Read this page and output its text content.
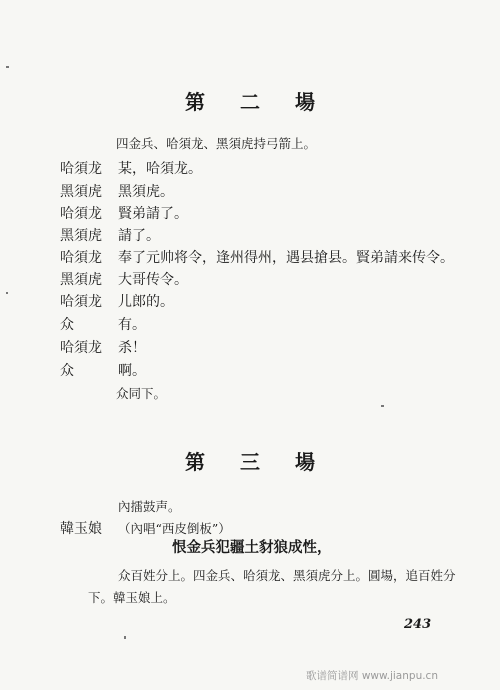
第 二 場
四金兵、哈須龙、黑須虎持弓箭上。
哈須龙	某，哈須龙。
黑須虎	黑須虎。
哈須龙	賢弟請了。
黑須虎	請了。
哈須龙	奉了元帅将令，逢州得州，遇县搶县。賢弟請来传令。
黑須虎	大哥传令。
哈須龙	儿郎的。
众	有。
哈須龙	杀！
众	啊。
众同下。
第 三 場
內擂鼓声。
韓玉娘	（內唱“西皮倒板”）
恨金兵犯疆土豺狼成性，
众百姓分上。四金兵、哈須龙、黑須虎分上。圓場，追百姓分
下。韓玉娘上。
243
歌谱简谱网 www.jianpu.cn
